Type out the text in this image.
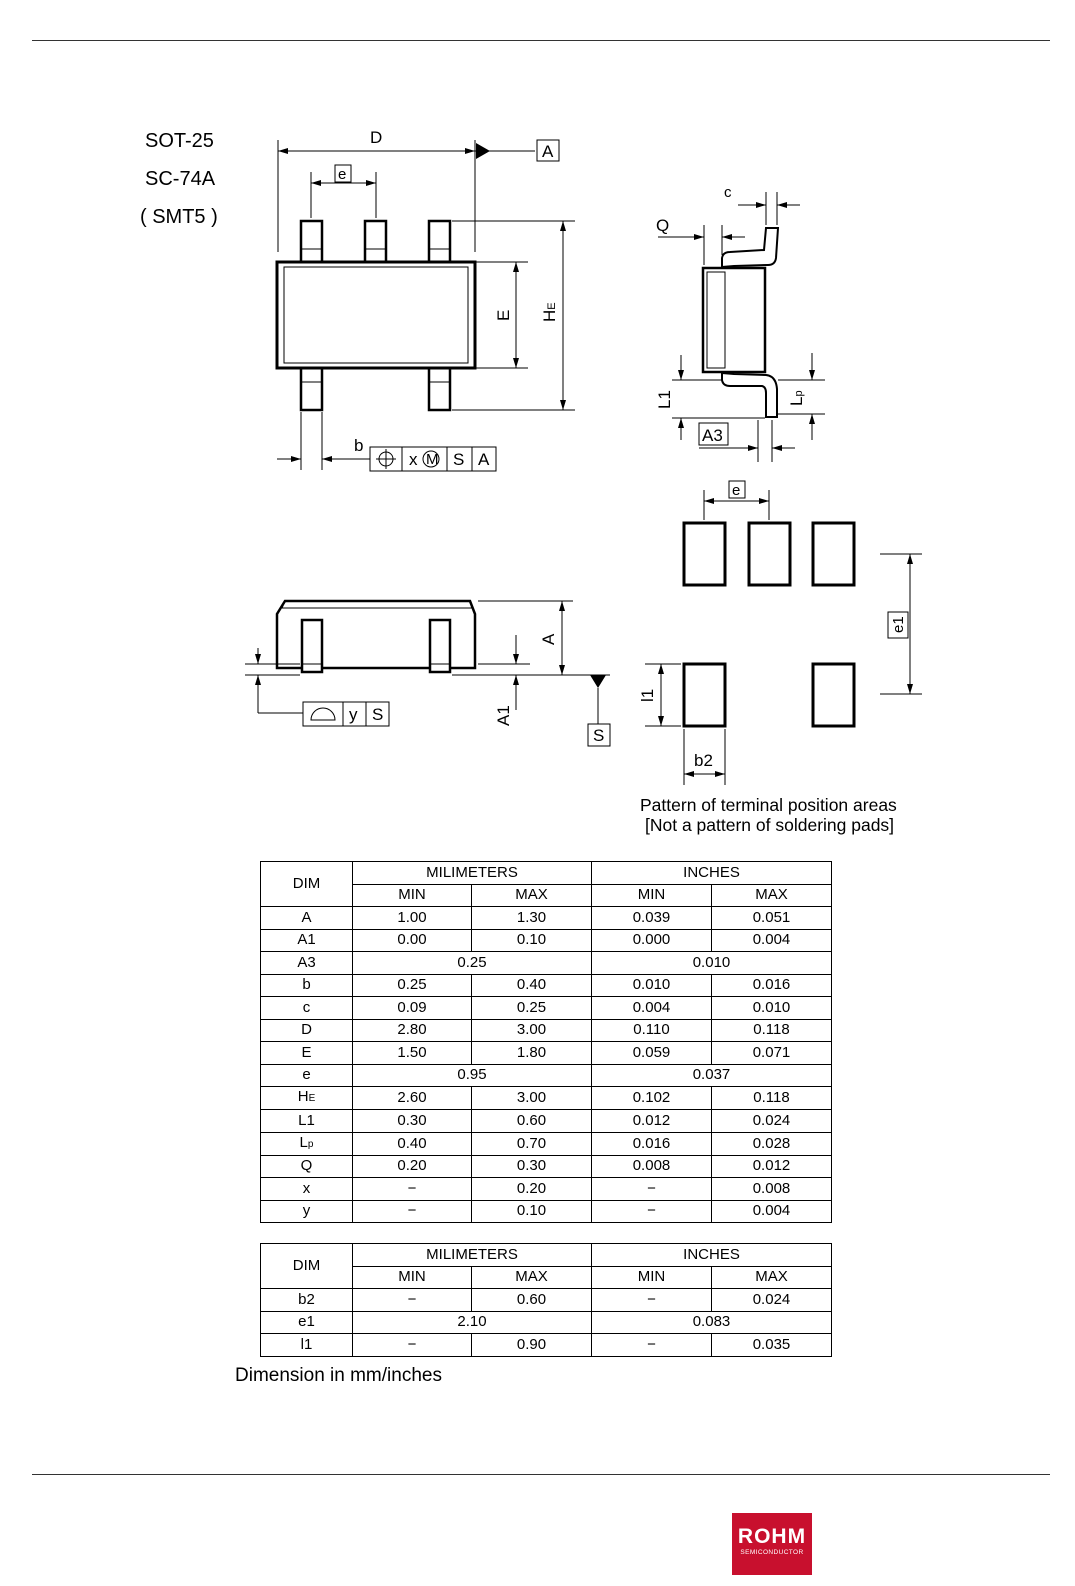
SOT-25
SC-74A
( SMT5 )
D
A
e
E HE
b
x M S A
c
Q
L1	Lp
A3
A
A1
S
y S
e
e1
l1
b2
Pattern of terminal position areas
[Not a pattern of soldering pads]
DIM	MILIMETERS		INCHES	
	MIN	MAX	MIN	MAX
A	1.00	1.30	0.039	0.051
A1	0.00	0.10	0.000	0.004
A3	0.25		0.010	
b	0.25	0.40	0.010	0.016
c	0.09	0.25	0.004	0.010
D	2.80	3.00	0.110	0.118
E	1.50	1.80	0.059	0.071
e	0.95		0.037	
HE	2.60	3.00	0.102	0.118
L1	0.30	0.60	0.012	0.024
Lp	0.40	0.70	0.016	0.028
Q	0.20	0.30	0.008	0.012
x	−	0.20	−	0.008
y	−	0.10	−	0.004
DIM	MILIMETERS		INCHES	
	MIN	MAX	MIN	MAX
b2	−	0.60	−	0.024
e1	2.10		0.083	
l1	−	0.90	−	0.035
Dimension in mm/inches
ROHM
SEMICONDUCTOR
